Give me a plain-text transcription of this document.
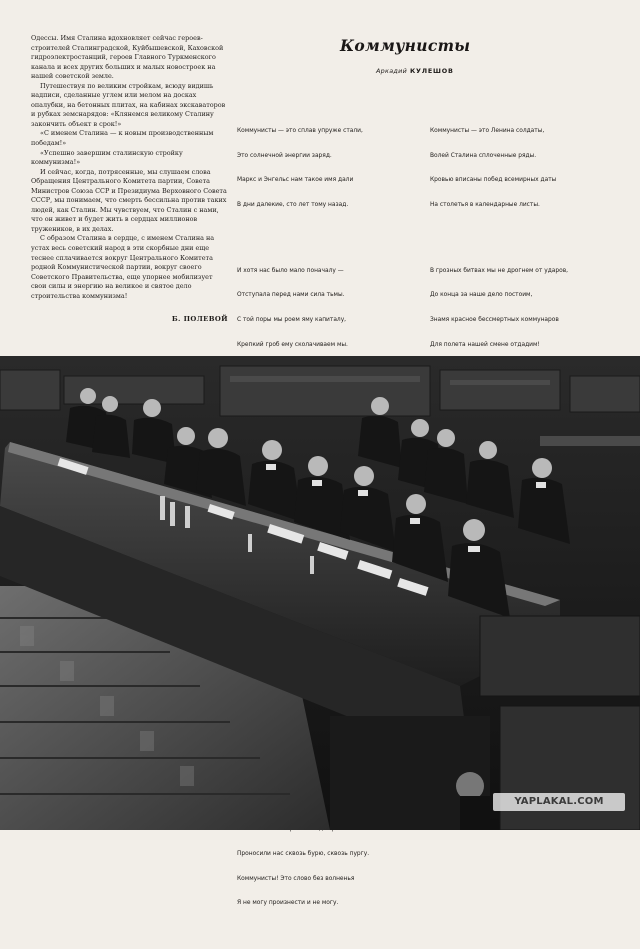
Одессы. Имя Сталина вдохновляет сейчас героев-строителей Сталинградской, Куйбышевской, Каховской гидроэлектростанций, героев Главного Туркменского канала и всех других больших и малых новостроек на нашей советской земле.

Путешествуя по великим стройкам, всюду видишь надписи, сделанные углем или мелом на досках опалубки, на бетонных плитах, на кабинах экскаваторов и рубках земснарядов: «Клянемся великому Сталину закончить объект в срок!»

«С именем Сталина — к новым производственным победам!»

«Успешно завершим сталинскую стройку коммунизма!»

И сейчас, когда, потрясенные, мы слушаем слова Обращения Центрального Комитета партии, Совета Министров Союза ССР и Президиума Верховного Совета СССР, мы понимаем, что смерть бессильна против таких людей, как Сталин. Мы чувствуем, что Сталин с нами, что он живет и будет жить в сердцах миллионов тружеников, в их делах.

С образом Сталина в сердце, с именем Сталина на устах весь советский народ в эти скорбные дни еще теснее сплачивается вокруг Центрального Комитета родной Коммунистической партии, вокруг своего Советского Правительства, еще упорнее мобилизует свои силы и энергию на великое и святое дело строительства коммунизма!

Б. ПОЛЕВОЙ
Коммунисты
Аркадий КУЛЕШОВ

Коммунисты — это сплав упруже стали,

Это солнечной энергии заряд.

Маркс и Энгельс нам такое имя дали

В дни далекие, сто лет тому назад.

И хотя нас было мало поначалу —

Отступала перед нами сила тьмы.

С той поры мы роем яму капиталу,

Крепкий гроб ему сколачиваем мы.

Проносили нас сквозь бурю, сквозь пургу.

Коммунисты! Это слово без волненья

Я не могу произнести и не могу.

Коммунисты — это Ленина солдаты,

Волей Сталина сплоченные ряды.

Кровью вписаны побед всемирных даты

На столетья в календарные листы.

В грозных битвах мы не дрогнем от ударов,

До конца за наше дело постоим,

Знамя красное бессмертных коммунаров

Для полета нашей смене отдадим!

YAPLAKAL.COM
